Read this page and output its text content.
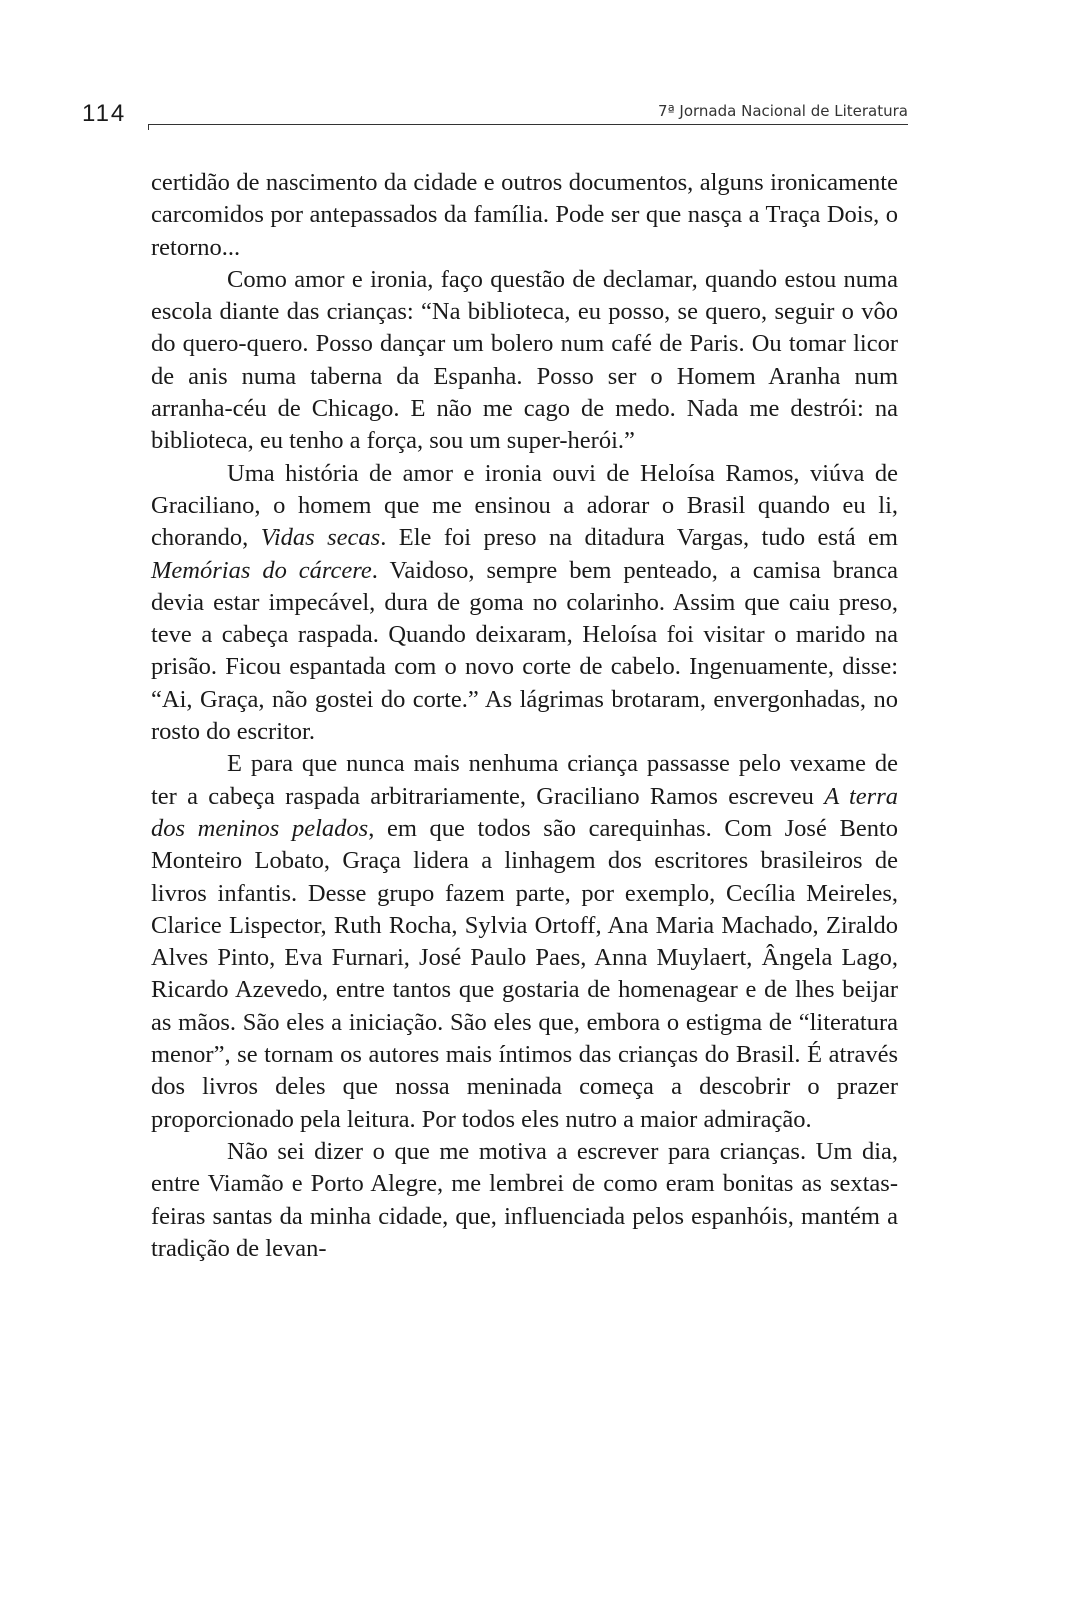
114	7ª Jornada Nacional de Literatura

certidão de nascimento da cidade e outros documentos, alguns ironicamente carcomidos por antepassados da família. Pode ser que nasça a Traça Dois, o retorno...

Como amor e ironia, faço questão de declamar, quando estou numa escola diante das crianças: “Na biblioteca, eu posso, se quero, seguir o vôo do quero-quero. Posso dançar um bolero num café de Paris. Ou tomar licor de anis numa taberna da Espanha. Posso ser o Homem Aranha num arranha-céu de Chicago. E não me cago de medo. Nada me destrói: na biblioteca, eu tenho a força, sou um super-herói.”

Uma história de amor e ironia ouvi de Heloísa Ramos, viúva de Graciliano, o homem que me ensinou a adorar o Brasil quando eu li, chorando, Vidas secas. Ele foi preso na ditadura Vargas, tudo está em Memórias do cárcere. Vaidoso, sempre bem penteado, a camisa branca devia estar impecável, dura de goma no colarinho. Assim que caiu preso, teve a cabeça raspada. Quando deixaram, Heloísa foi visitar o marido na prisão. Ficou espantada com o novo corte de cabelo. Ingenuamente, disse: “Ai, Graça, não gostei do corte.” As lágrimas brotaram, envergonhadas, no rosto do escritor.

E para que nunca mais nenhuma criança passasse pelo vexame de ter a cabeça raspada arbitrariamente, Graciliano Ramos escreveu A terra dos meninos pelados, em que todos são carequinhas. Com José Bento Monteiro Lobato, Graça lidera a linhagem dos escritores brasileiros de livros infantis. Desse grupo fazem parte, por exemplo, Cecília Meireles, Clarice Lispector, Ruth Rocha, Sylvia Ortoff, Ana Maria Machado, Ziraldo Alves Pinto, Eva Furnari, José Paulo Paes, Anna Muylaert, Ângela Lago, Ricardo Azevedo, entre tantos que gostaria de homenagear e de lhes beijar as mãos. São eles a iniciação. São eles que, embora o estigma de “literatura menor”, se tornam os autores mais íntimos das crianças do Brasil. É através dos livros deles que nossa meninada começa a descobrir o prazer proporcionado pela leitura. Por todos eles nutro a maior admiração.

Não sei dizer o que me motiva a escrever para crianças. Um dia, entre Viamão e Porto Alegre, me lembrei de como eram bonitas as sextas-feiras santas da minha cidade, que, influenciada pelos espanhóis, mantém a tradição de levan-
